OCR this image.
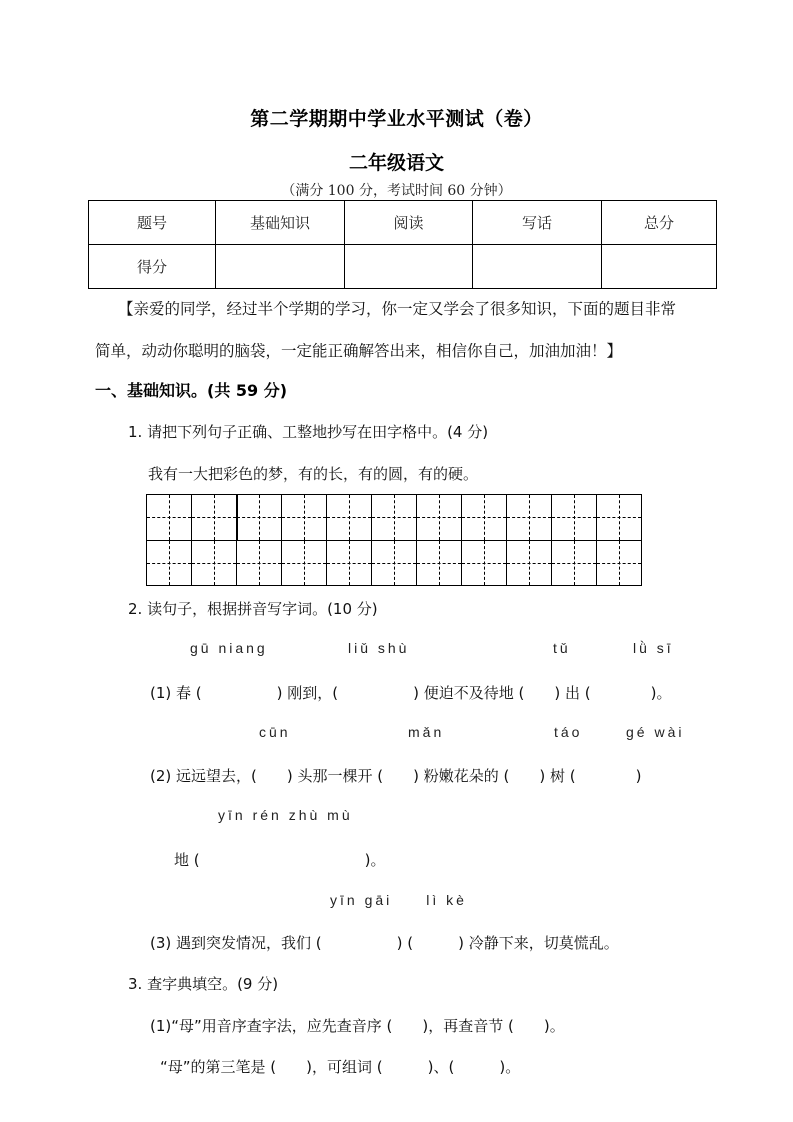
第二学期期中学业水平测试（卷）
二年级语文
（满分 100 分，考试时间 60 分钟）
题号	基础知识	阅读	写话	总分
得分				
【亲爱的同学，经过半个学期的学习，你一定又学会了很多知识，下面的题目非常
简单，动动你聪明的脑袋，一定能正确解答出来，相信你自己，加油加油！】
一、基础知识。(共 59 分)
1. 请把下列句子正确、工整地抄写在田字格中。(4 分)
我有一大把彩色的梦，有的长，有的圆，有的硬。
2. 读句子，根据拼音写字词。(10 分)
gū niang	liǔ shù	tǔ	lǜ sī
(1) 春 (　　　　　) 刚到，(　　　　　) 便迫不及待地 (　　) 出 (　　　　)。
cūn	mǎn	táo	gé wài
(2) 远远望去，(　　) 头那一棵开 (　　) 粉嫩花朵的 (　　) 树 (　　　　)
yīn rén zhù mù
地 (　　　　　　　　　　　)。
yīn gāi　　lì kè
(3) 遇到突发情况，我们 (　　　　　) (　　　) 冷静下来，切莫慌乱。
3. 查字典填空。(9 分)
(1)“母”用音序查字法，应先查音序 (　　)，再查音节 (　　)。
“母”的第三笔是 (　　)，可组词 (　　　)、(　　　)。
